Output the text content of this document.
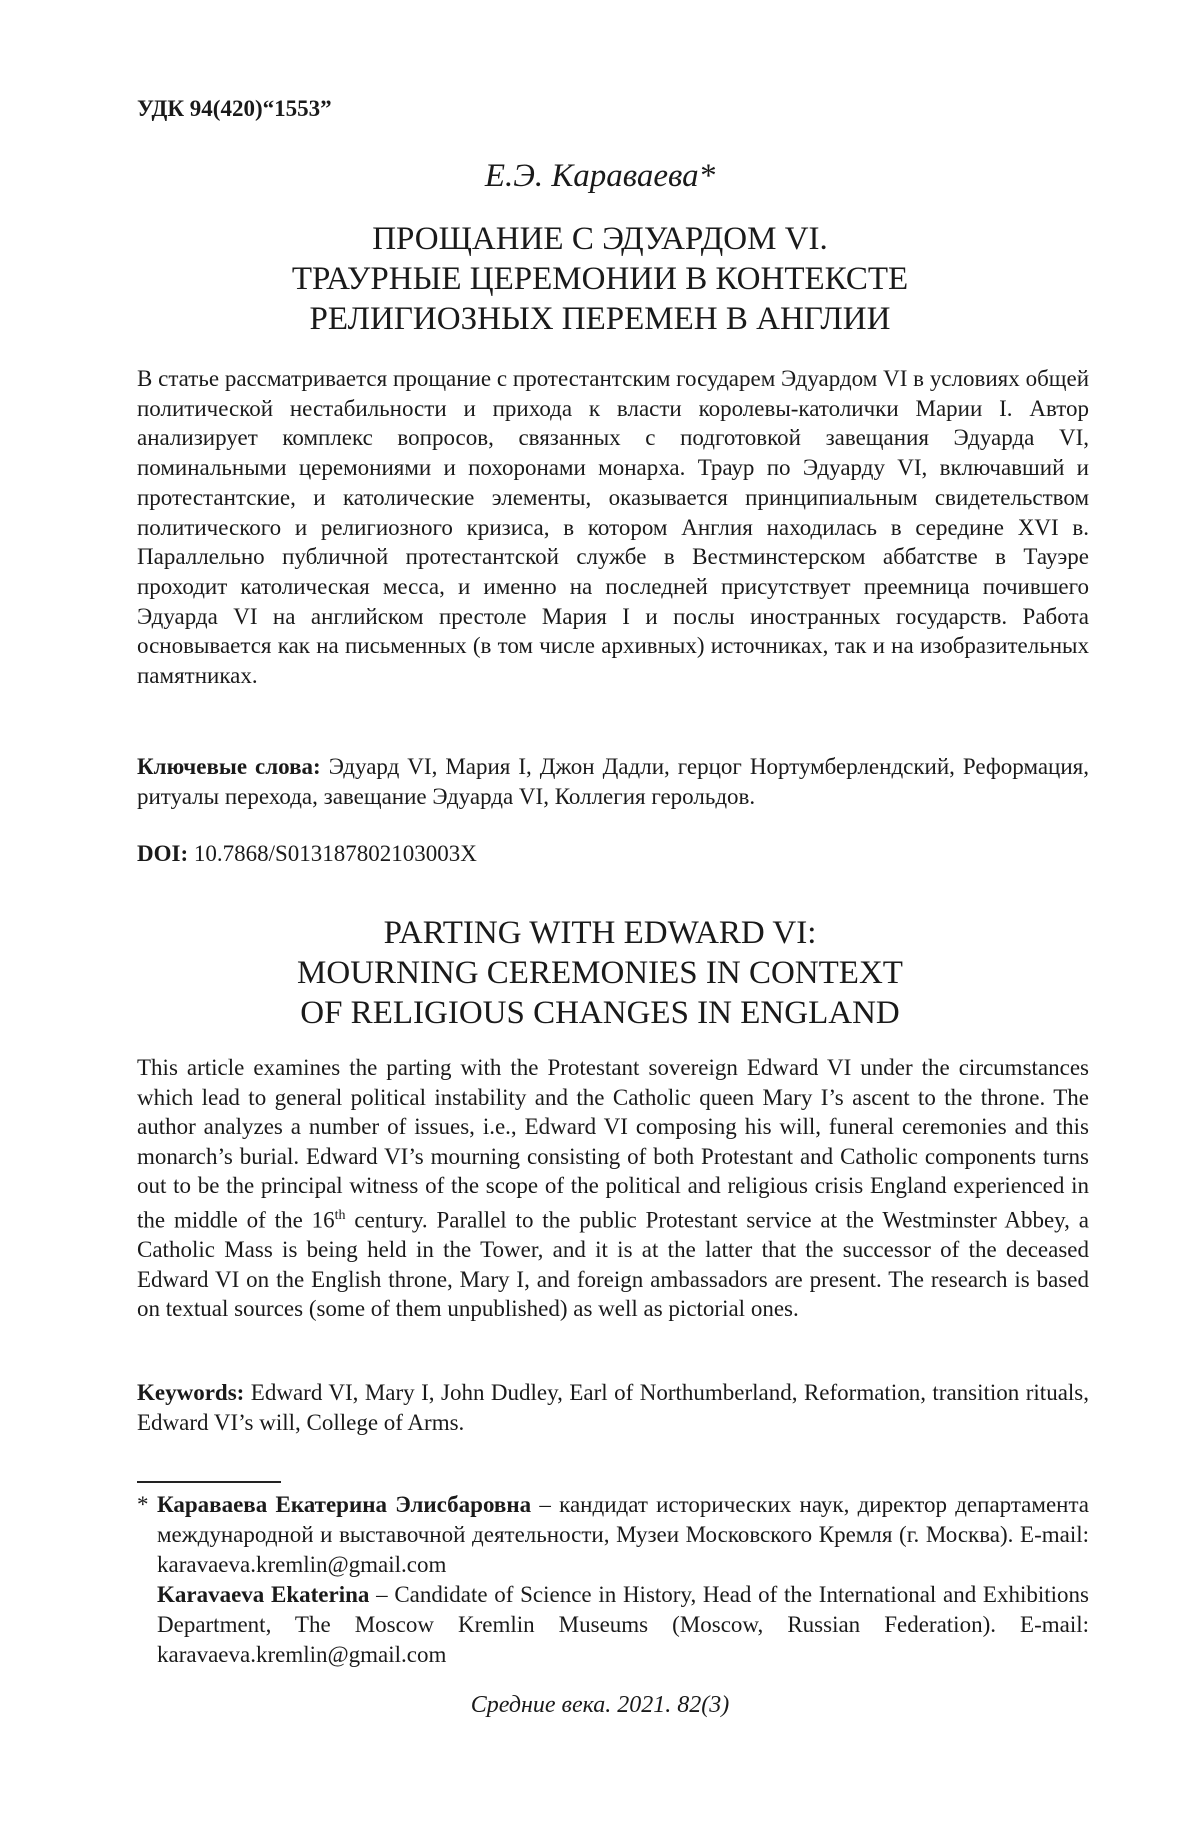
УДК 94(420)“1553”
Е.Э. Караваева*
ПРОЩАНИЕ С ЭДУАРДОМ VI.
ТРАУРНЫЕ ЦЕРЕМОНИИ В КОНТЕКСТЕ
РЕЛИГИОЗНЫХ ПЕРЕМЕН В АНГЛИИ

В статье рассматривается прощание с протестантским государем Эдуардом VI в условиях общей политической нестабильности и прихода к власти королевы-католички Марии I. Автор анализирует комплекс вопросов, связанных с подготовкой завещания Эдуарда VI, поминальными церемониями и похоронами монарха. Траур по Эдуарду VI, включавший и протестантские, и католические элементы, оказывается принципиальным свидетельством политического и религиозного кризиса, в котором Англия находилась в середине XVI в. Параллельно публичной протестантской службе в Вестминстерском аббатстве в Тауэре проходит католическая месса, и именно на последней присутствует преемница почившего Эдуарда VI на английском престоле Мария I и послы иностранных государств. Работа основывается как на письменных (в том числе архивных) источниках, так и на изобразительных памятниках.

Ключевые слова: Эдуард VI, Мария I, Джон Дадли, герцог Нортумберлендский, Реформация, ритуалы перехода, завещание Эдуарда VI, Коллегия герольдов.

DOI: 10.7868/S013187802103003X
PARTING WITH EDWARD VI:
MOURNING CEREMONIES IN CONTEXT
OF RELIGIOUS CHANGES IN ENGLAND

This article examines the parting with the Protestant sovereign Edward VI under the circumstances which lead to general political instability and the Catholic queen Mary I’s ascent to the throne. The author analyzes a number of issues, i.e., Edward VI composing his will, funeral ceremonies and this monarch’s burial. Edward VI’s mourning consisting of both Protestant and Catholic components turns out to be the principal witness of the scope of the political and religious crisis England experienced in the middle of the 16th century. Parallel to the public Protestant service at the Westminster Abbey, a Catholic Mass is being held in the Tower, and it is at the latter that the successor of the deceased Edward VI on the English throne, Mary I, and foreign ambassadors are present. The research is based on textual sources (some of them unpublished) as well as pictorial ones.

Keywords: Edward VI, Mary I, John Dudley, Earl of Northumberland, Reformation, transition rituals, Edward VI’s will, College of Arms.

* Караваева Екатерина Элисбаровна – кандидат исторических наук, директор департамента международной и выставочной деятельности, Музеи Московского Кремля (г. Москва). E-mail: karavaeva.kremlin@gmail.com
Karavaeva Ekaterina – Candidate of Science in History, Head of the International and Exhibitions Department, The Moscow Kremlin Museums (Moscow, Russian Federation). E-mail: karavaeva.kremlin@gmail.com
Средние века. 2021. 82(3)
